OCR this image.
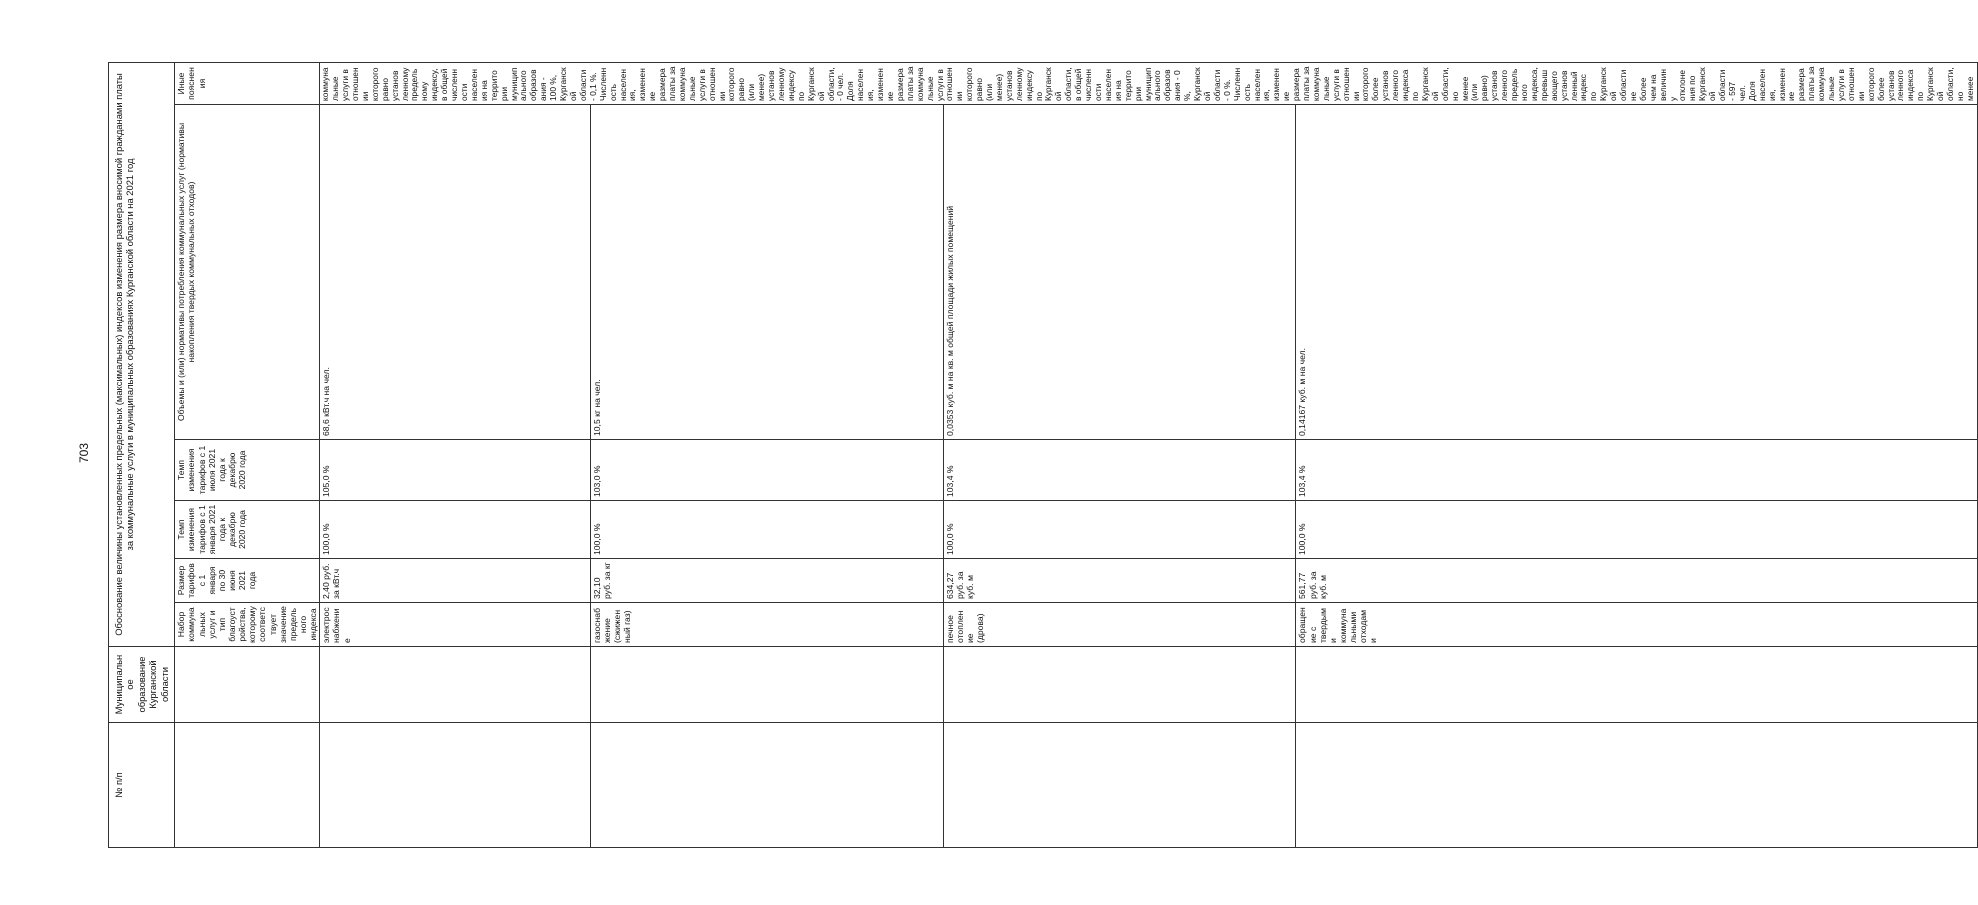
703
№ п/п	Муниципальное образование Курганской области	Обоснование величины установленных предельных (максимальных) индексов изменения размера вносимой гражданами платы за коммунальные услуги в муниципальных образованиях Курганской области на 2021 год					
		Набор коммунальных услуг и тип благоустройства, которому соответствует значение предельного индекса	Размер тарифов с 1 января по 30 июня 2021 года	Темп изменения тарифов с 1 января 2021 года к декабрю 2020 года	Темп изменения тарифов с 1 июля 2021 года к декабрю 2020 года	Объемы и (или) нормативы потребления коммунальных услуг (нормативы накопления твердых коммунальных отходов)	Иные пояснения
		электроснабжение	2,40 руб. за кВт.ч	100,0 %	105,0 %	68,6 кВт.ч на чел.	коммунальные услуги в отношении которого равно установленному предельному индексу, в общей численности населения на территории муниципального образования - 100 %, Курганской области - 0,1 %. Численность населения, изменение размера платы за коммунальные услуги в отношении которого равно (или менее) установленному индексу по Курганской области, - 0 чел. Доля населения, изменение размера платы за коммунальные услуги в отношении которого равно (или менее) установленному индексу по Курганской области, в общей численности населения на территории муниципального образования - 0 %, Курганской области - 0 %. Численность населения, изменение размера платы за коммунальные услуги в отношении которого более установленного индекса по Курганской области, но менее (или равно) установленного предельного индекса, превышающего установленный индекс по Курганской области не более чем на величину отклонения по Курганской области - 597 чел. Доля населения, изменение размера платы за коммунальные услуги в отношении которого более установленного индекса по Курганской области, но менее
		газоснабжение (сжиженный газ)	32,10 руб. за кг	100,0 %	103,0 %	10,5 кг на чел.	
		печное отопление (дрова)	634,27 руб. за куб. м	100,0 %	103,4 %	0,0353 куб. м на кв. м общей площади жилых помещений	
		обращение с твердыми коммунальными отходами	561,77 руб. за куб. м	100,0 %	103,4 %	0,14167 куб. м на чел.	
